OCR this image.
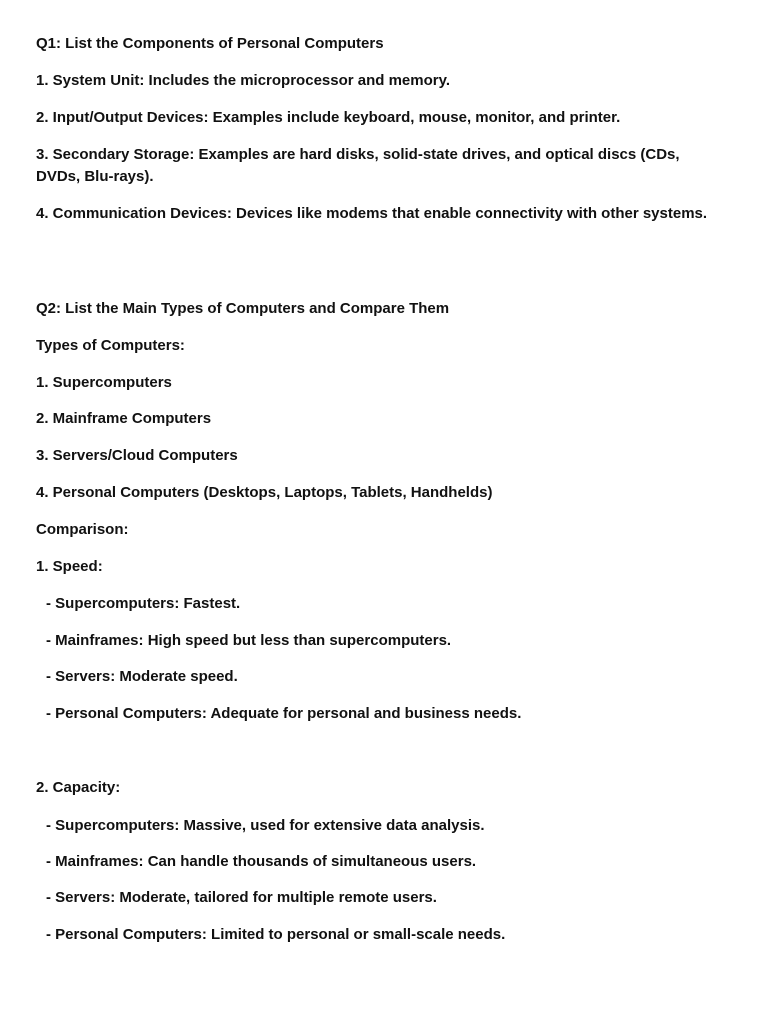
Q1: List the Components of Personal Computers

1. System Unit: Includes the microprocessor and memory.

2. Input/Output Devices: Examples include keyboard, mouse, monitor, and printer.

3. Secondary Storage: Examples are hard disks, solid-state drives, and optical discs (CDs, DVDs, Blu-rays).

4. Communication Devices: Devices like modems that enable connectivity with other systems.

Q2: List the Main Types of Computers and Compare Them

Types of Computers:

1. Supercomputers

2. Mainframe Computers

3. Servers/Cloud Computers

4. Personal Computers (Desktops, Laptops, Tablets, Handhelds)

Comparison:

1. Speed:

- Supercomputers: Fastest.

- Mainframes: High speed but less than supercomputers.

- Servers: Moderate speed.

- Personal Computers: Adequate for personal and business needs.

2. Capacity:

- Supercomputers: Massive, used for extensive data analysis.

- Mainframes: Can handle thousands of simultaneous users.

- Servers: Moderate, tailored for multiple remote users.

- Personal Computers: Limited to personal or small-scale needs.
